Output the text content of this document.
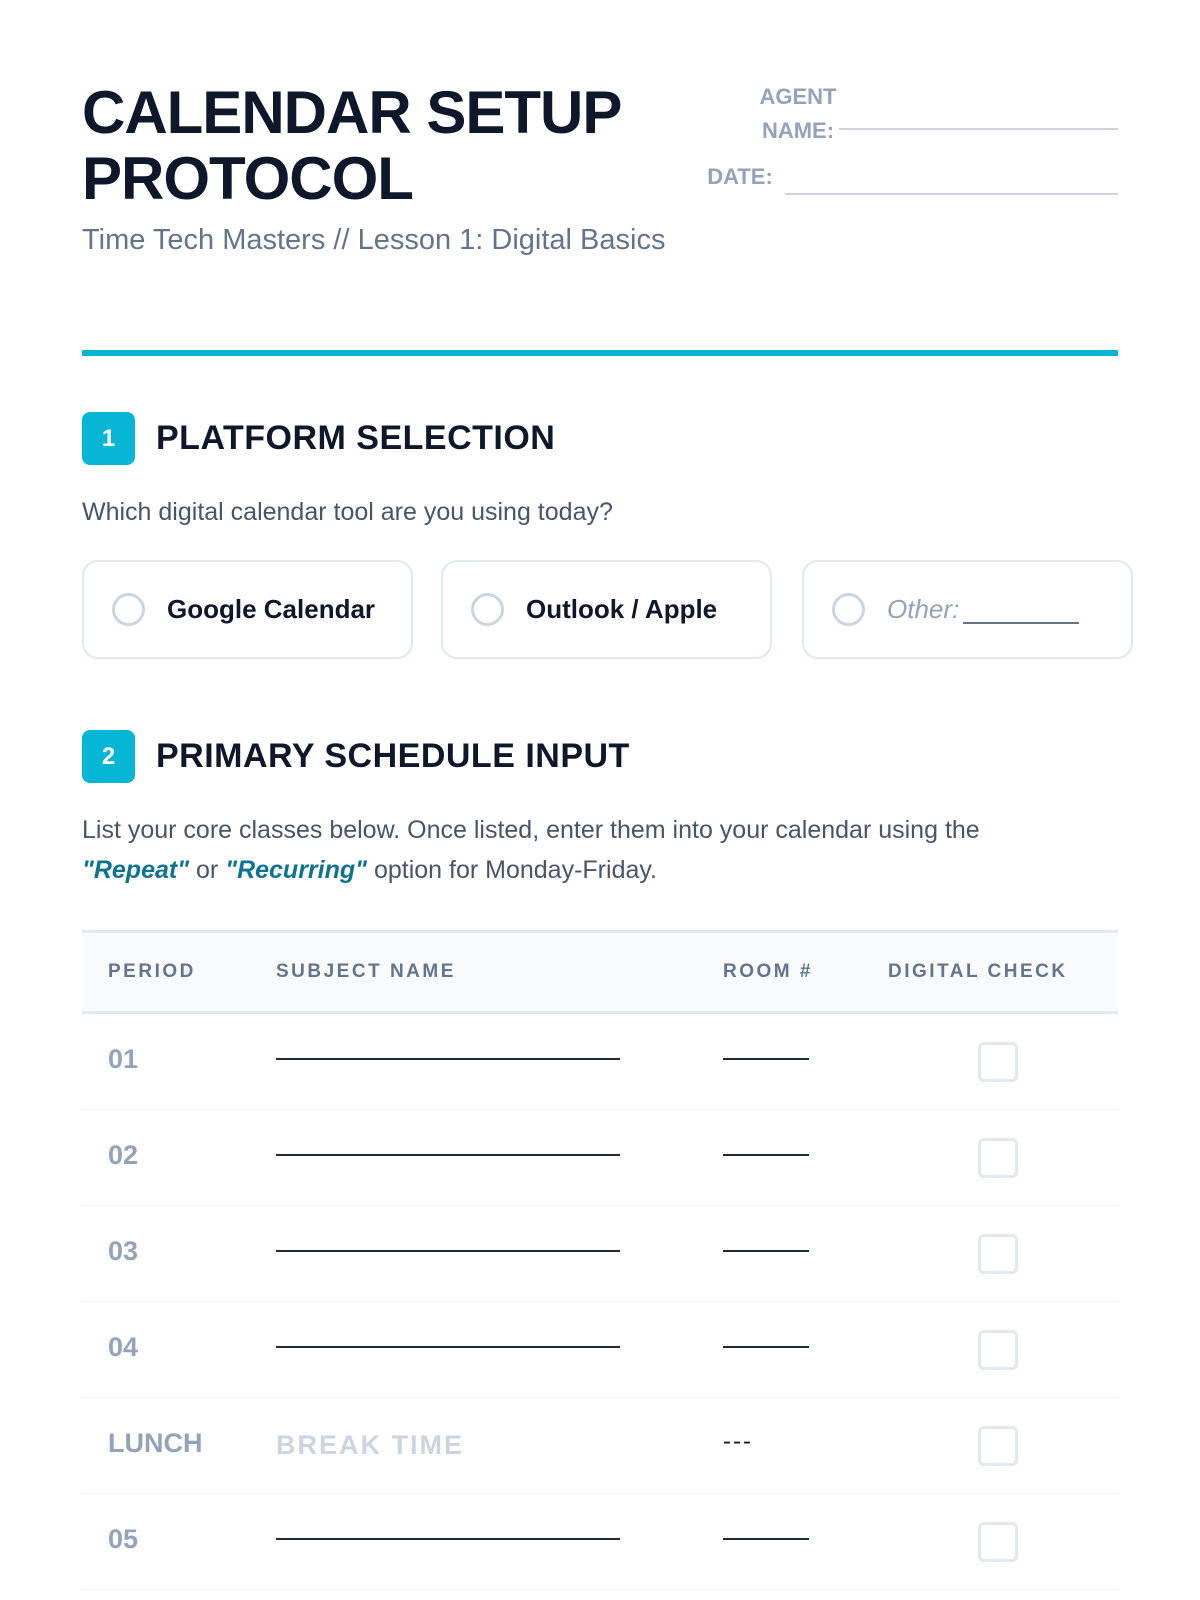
CALENDAR SETUP PROTOCOL
Time Tech Masters // Lesson 1: Digital Basics
AGENT NAME:
DATE:
1	PLATFORM SELECTION
Which digital calendar tool are you using today?
Google Calendar	Outlook / Apple	Other:
2	PRIMARY SCHEDULE INPUT
List your core classes below. Once listed, enter them into your calendar using the
"Repeat" or "Recurring" option for Monday-Friday.
PERIOD	SUBJECT NAME	ROOM #	DIGITAL CHECK
01
02
03
04
LUNCH	BREAK TIME	---
05
